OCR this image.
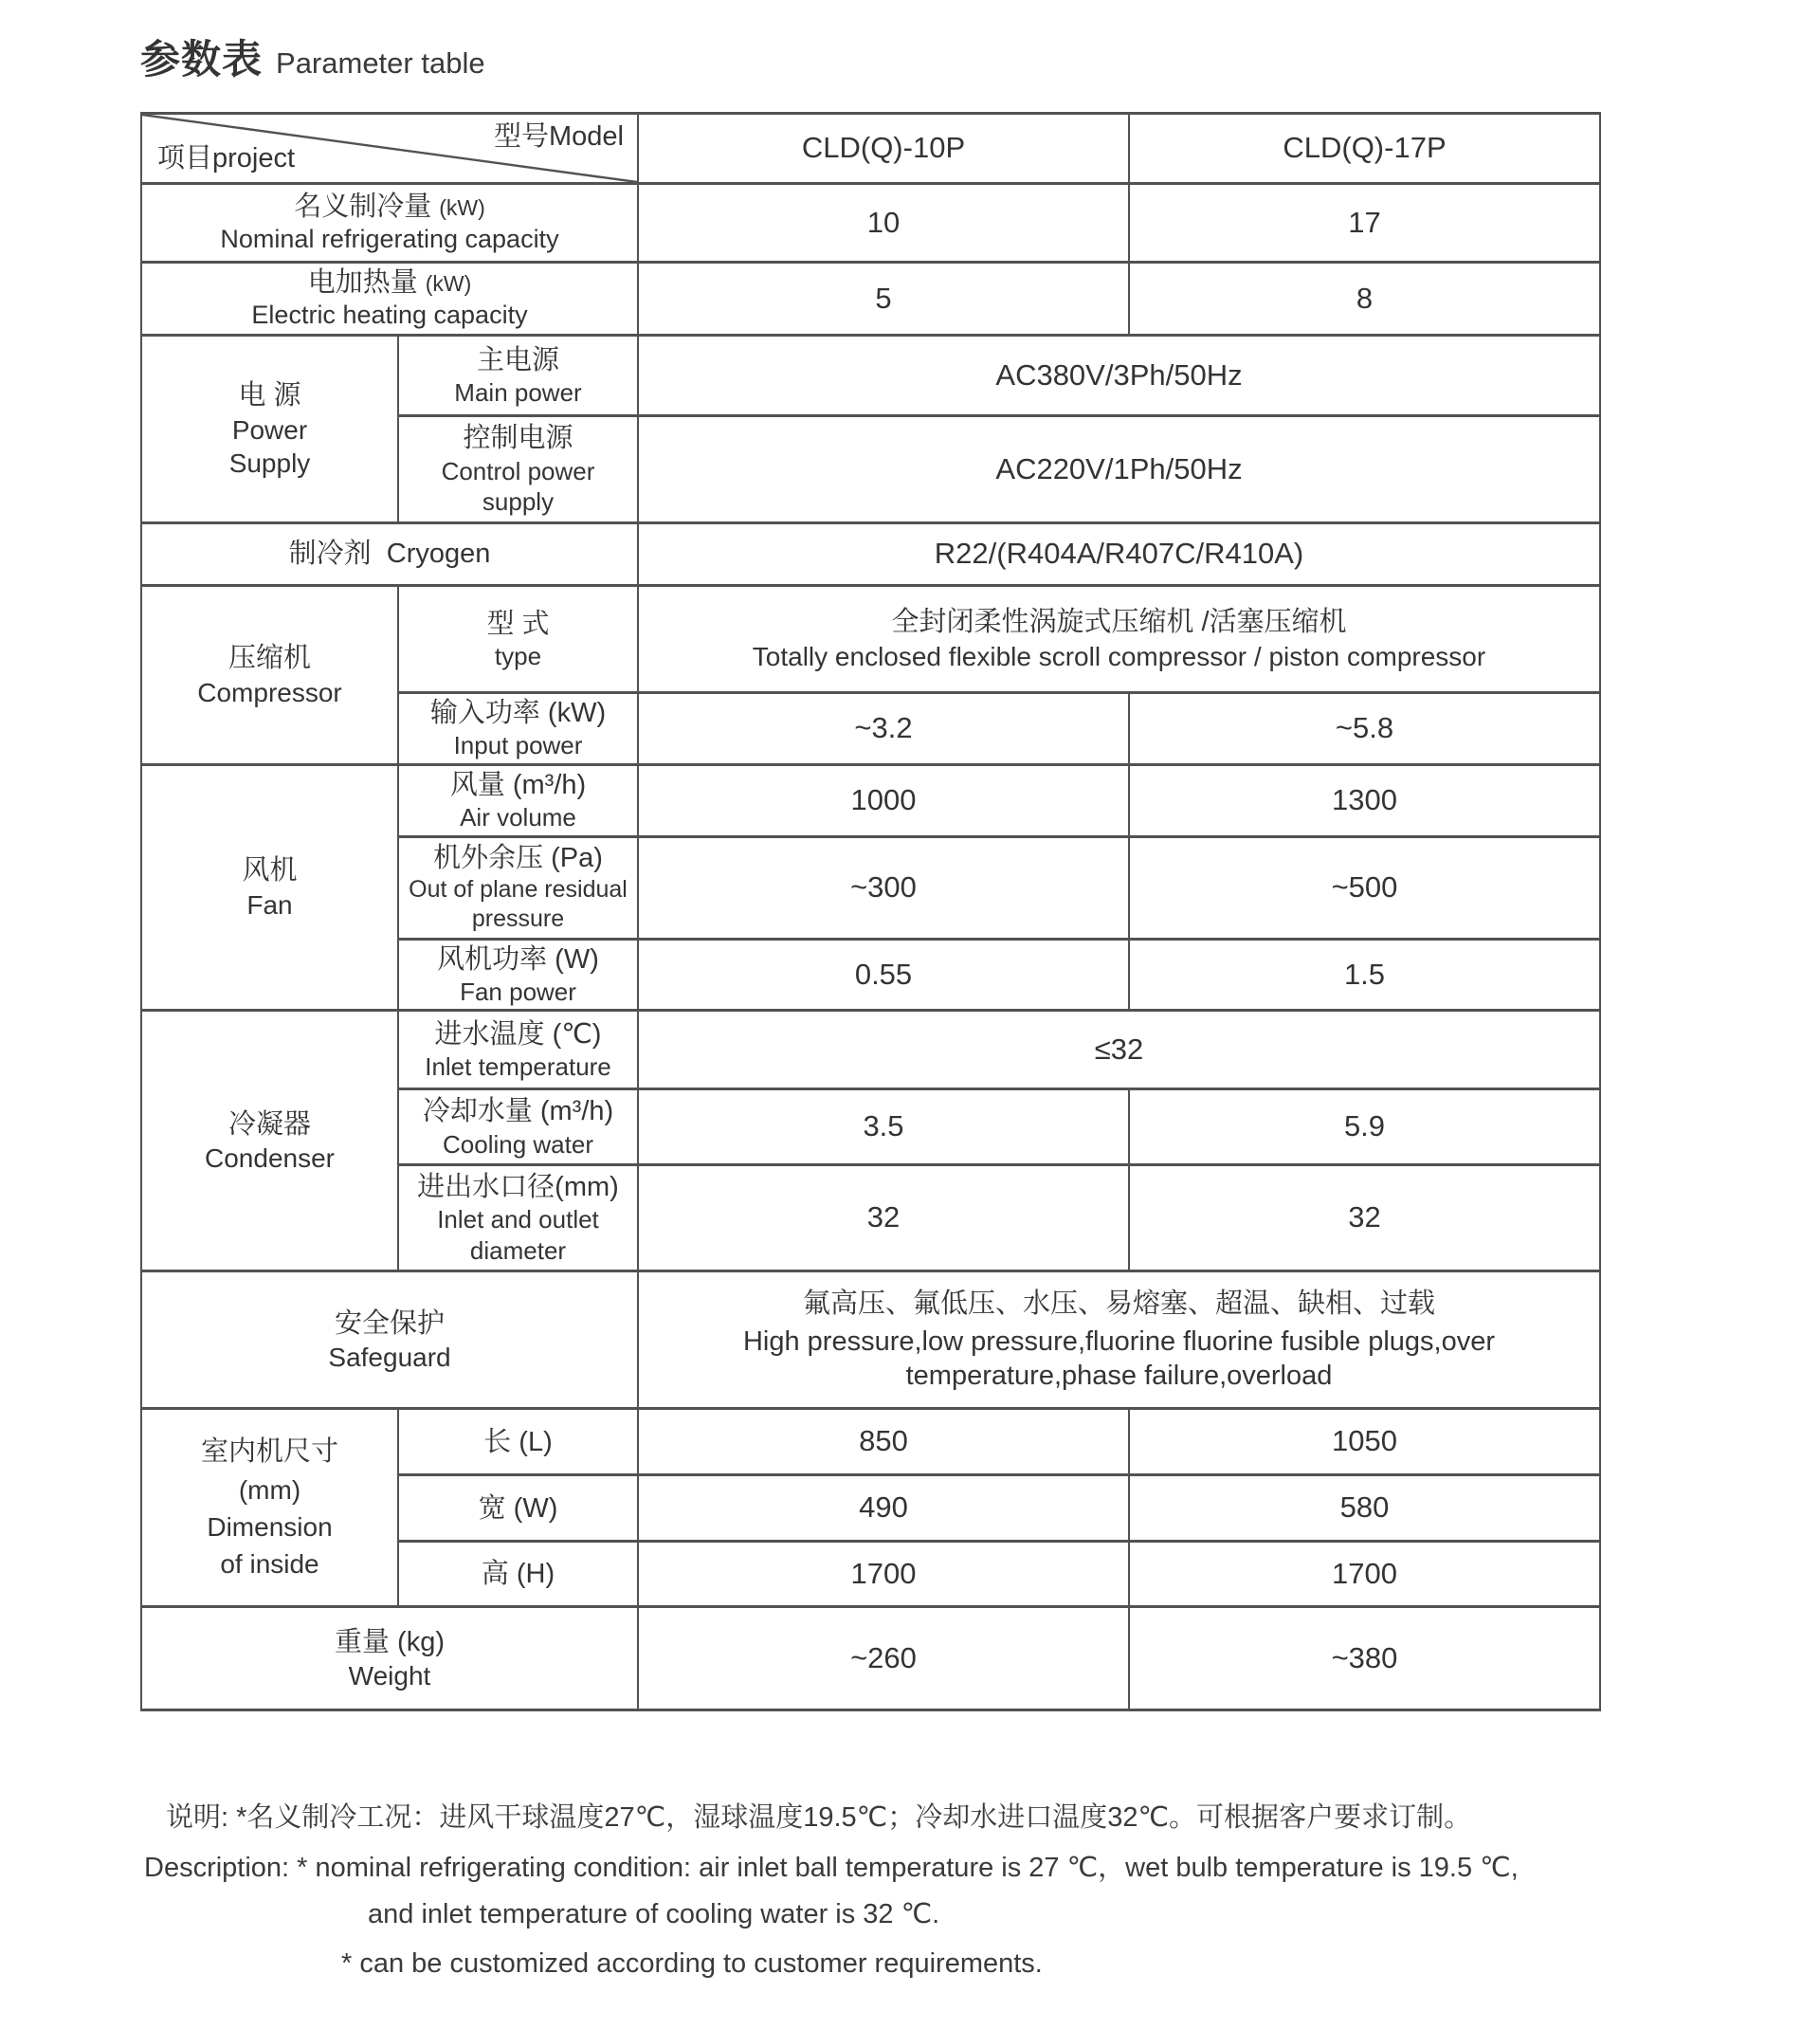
参数表 Parameter table
型号Model
项目project		CLD(Q)-10P	CLD(Q)-17P

名义制冷量 (kW)
Nominal refrigerating capacity		10	17

电加热量 (kW)
Electric heating capacity		5	8

电 源
Power
Supply	主电源
Main power	AC380V/3Ph/50Hz	

	控制电源
Control power supply	AC220V/1Ph/50Hz	

制冷剂 Cryogen		R22/(R404A/R407C/R410A)	

压缩机
Compressor	型 式
type	全封闭柔性涡旋式压缩机 /活塞压缩机
Totally enclosed flexible scroll compressor / piston compressor	

	输入功率 (kW)
Input power	~3.2	~5.8

风机
Fan	风量 (m³/h)
Air volume	1000	1300

	机外余压 (Pa)
Out of plane residual pressure	~300	~500

	风机功率 (W)
Fan power	0.55	1.5

冷凝器
Condenser	进水温度 (℃)
Inlet temperature	≤32	

	冷却水量 (m³/h)
Cooling water	3.5	5.9

	进出水口径(mm)
Inlet and outlet diameter	32	32

安全保护
Safeguard		氟高压、氟低压、水压、易熔塞、超温、缺相、过载
High pressure,low pressure,fluorine fluorine fusible plugs,over temperature,phase failure,overload	

室内机尺寸
(mm)
Dimension
of inside	长 (L)	850	1050

	宽 (W)	490	580

	高 (H)	1700	1700

重量 (kg)
Weight		~260	~380
说明: *名义制冷工况：进风干球温度27℃，湿球温度19.5℃；冷却水进口温度32℃。可根据客户要求订制。
Description: * nominal refrigerating condition: air inlet ball temperature is 27 ℃，wet bulb temperature is 19.5 ℃,
and inlet temperature of cooling water is 32 ℃.
* can be customized according to customer requirements.
